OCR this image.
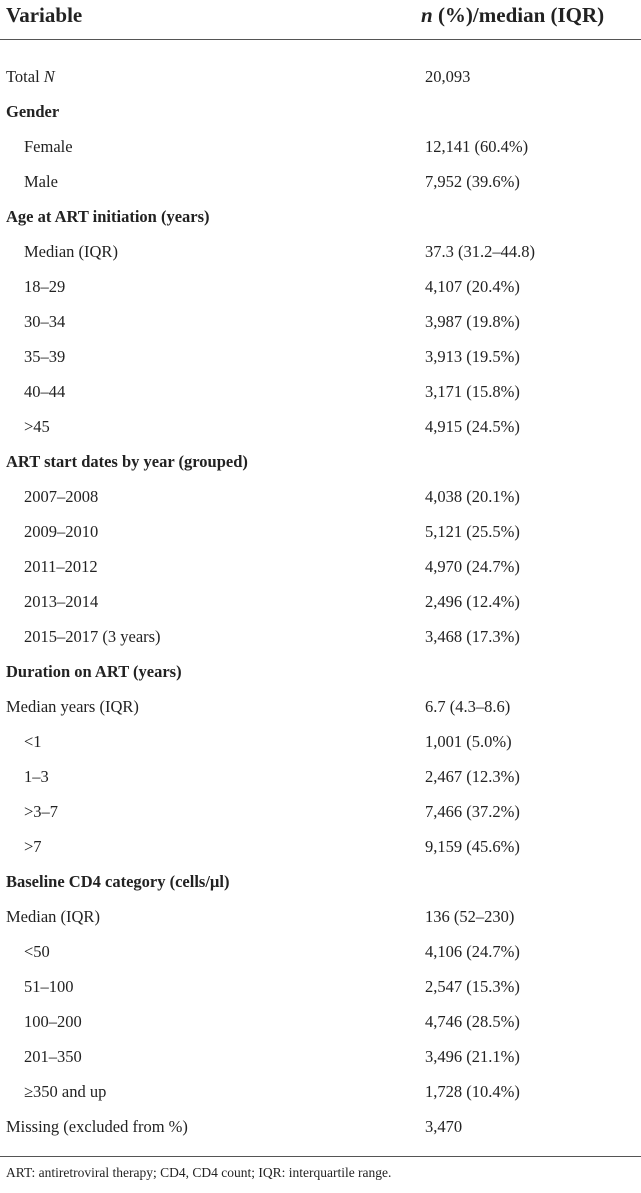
Variable	n (%)/median (IQR)
Total N	20,093
Gender
Female	12,141 (60.4%)
Male	7,952 (39.6%)
Age at ART initiation (years)
Median (IQR)	37.3 (31.2–44.8)
18–29	4,107 (20.4%)
30–34	3,987 (19.8%)
35–39	3,913 (19.5%)
40–44	3,171 (15.8%)
>45	4,915 (24.5%)
ART start dates by year (grouped)
2007–2008	4,038 (20.1%)
2009–2010	5,121 (25.5%)
2011–2012	4,970 (24.7%)
2013–2014	2,496 (12.4%)
2015–2017 (3 years)	3,468 (17.3%)
Duration on ART (years)
Median years (IQR)	6.7 (4.3–8.6)
<1	1,001 (5.0%)
1–3	2,467 (12.3%)
>3–7	7,466 (37.2%)
>7	9,159 (45.6%)
Baseline CD4 category (cells/µl)
Median (IQR)	136 (52–230)
<50	4,106 (24.7%)
51–100	2,547 (15.3%)
100–200	4,746 (28.5%)
201–350	3,496 (21.1%)
≥350 and up	1,728 (10.4%)
Missing (excluded from %)	3,470
ART: antiretroviral therapy; CD4, CD4 count; IQR: interquartile range.
